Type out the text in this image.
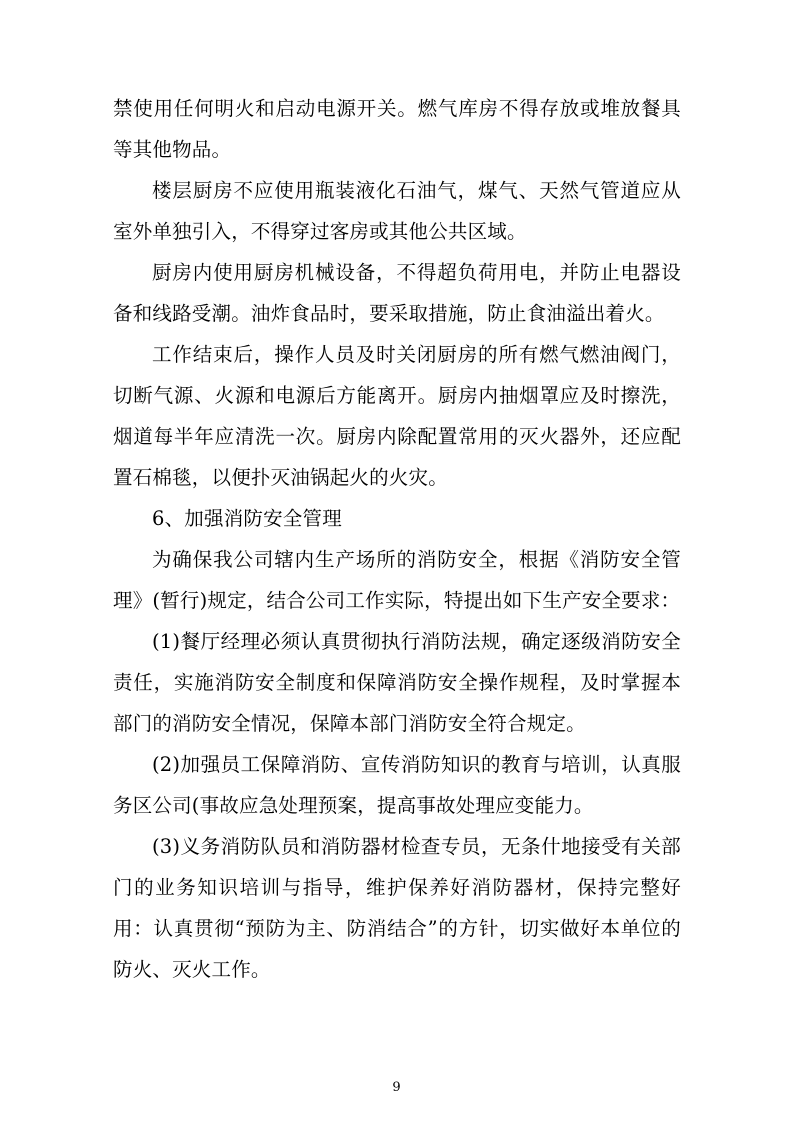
禁使用任何明火和启动电源开关。燃气库房不得存放或堆放餐具等其他物品。

楼层厨房不应使用瓶装液化石油气，煤气、天然气管道应从室外单独引入，不得穿过客房或其他公共区域。

厨房内使用厨房机械设备，不得超负荷用电，并防止电器设备和线路受潮。油炸食品时，要采取措施，防止食油溢出着火。

工作结束后，操作人员及时关闭厨房的所有燃气燃油阀门，切断气源、火源和电源后方能离开。厨房内抽烟罩应及时擦洗，烟道每半年应清洗一次。厨房内除配置常用的灭火器外，还应配置石棉毯，以便扑灭油锅起火的火灾。

6、加强消防安全管理

为确保我公司辖内生产场所的消防安全，根据《消防安全管理》(暂行)规定，结合公司工作实际，特提出如下生产安全要求：

(1)餐厅经理必须认真贯彻执行消防法规，确定逐级消防安全责任，实施消防安全制度和保障消防安全操作规程，及时掌握本部门的消防安全情况，保障本部门消防安全符合规定。

(2)加强员工保障消防、宣传消防知识的教育与培训，认真服务区公司(事故应急处理预案，提高事故处理应变能力。

(3)义务消防队员和消防器材检查专员，无条什地接受有关部门的业务知识培训与指导，维护保养好消防器材，保持完整好用：认真贯彻“预防为主、防消结合”的方针，切实做好本单位的防火、灭火工作。

9
